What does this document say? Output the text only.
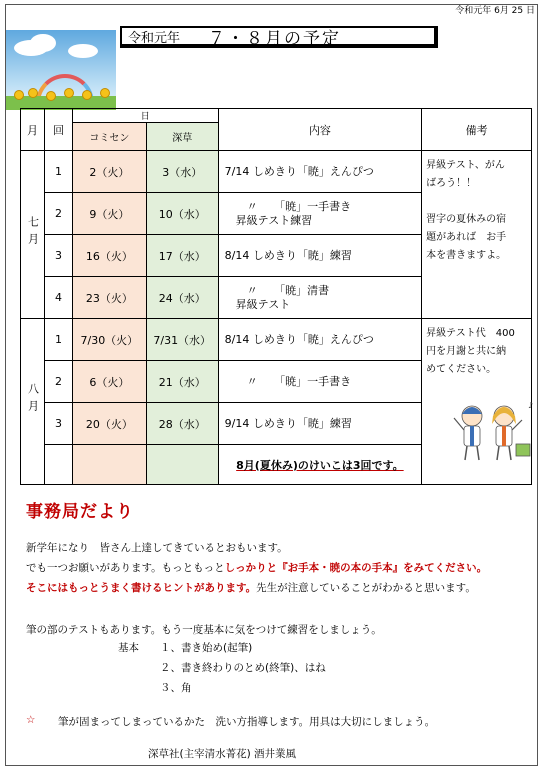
令和元年 6月 25 日
令和元年 ７・８月の予定
月	回	日		内容	備考
		コミセン	深草		
七月	1	2（火）	3（水）	7/14 しめきり「暁」えんぴつ	昇級テスト、がん
ばろう！！
習字の夏休みの宿
題があれば　お手
本を書きますよ。

	2	9（火）	10（水）	　　〃　　「暁」一手書き
　昇級テスト練習	

	3	16（火）	17（水）	8/14 しめきり「暁」練習	

	4	23（火）	24（水）	　　〃　　「暁」清書
　昇級テスト	

八月	1	7/30（火）	7/31（水）	8/14 しめきり「暁」えんぴつ	昇級テスト代　400
円を月謝と共に納
めてください。

	2	6（火）	21（水）	　　〃　　「暁」一手書き	

	3	20（火）	28（水）	9/14 しめきり「暁」練習	

				8月(夏休み)のけいこは3回です。	
♪
事務局だより
新学年になり　皆さん上達してきているとおもいます。
でも一つお願いがあります。もっともっとしっかりと『お手本・暁の本の手本』をみてください。
そこにはもっとうまく書けるヒントがあります。先生が注意していることがわかると思います。
筆の部のテストもあります。もう一度基本に気をつけて練習をしましょう。
基本 １、書き始め(起筆)
２、書き終わりのとめ(終筆)、はね
３、角
☆ 筆が固まってしまっているかた　洗い方指導します。用具は大切にしましょう。
深草社(主宰清水菁花) 酒井業風
